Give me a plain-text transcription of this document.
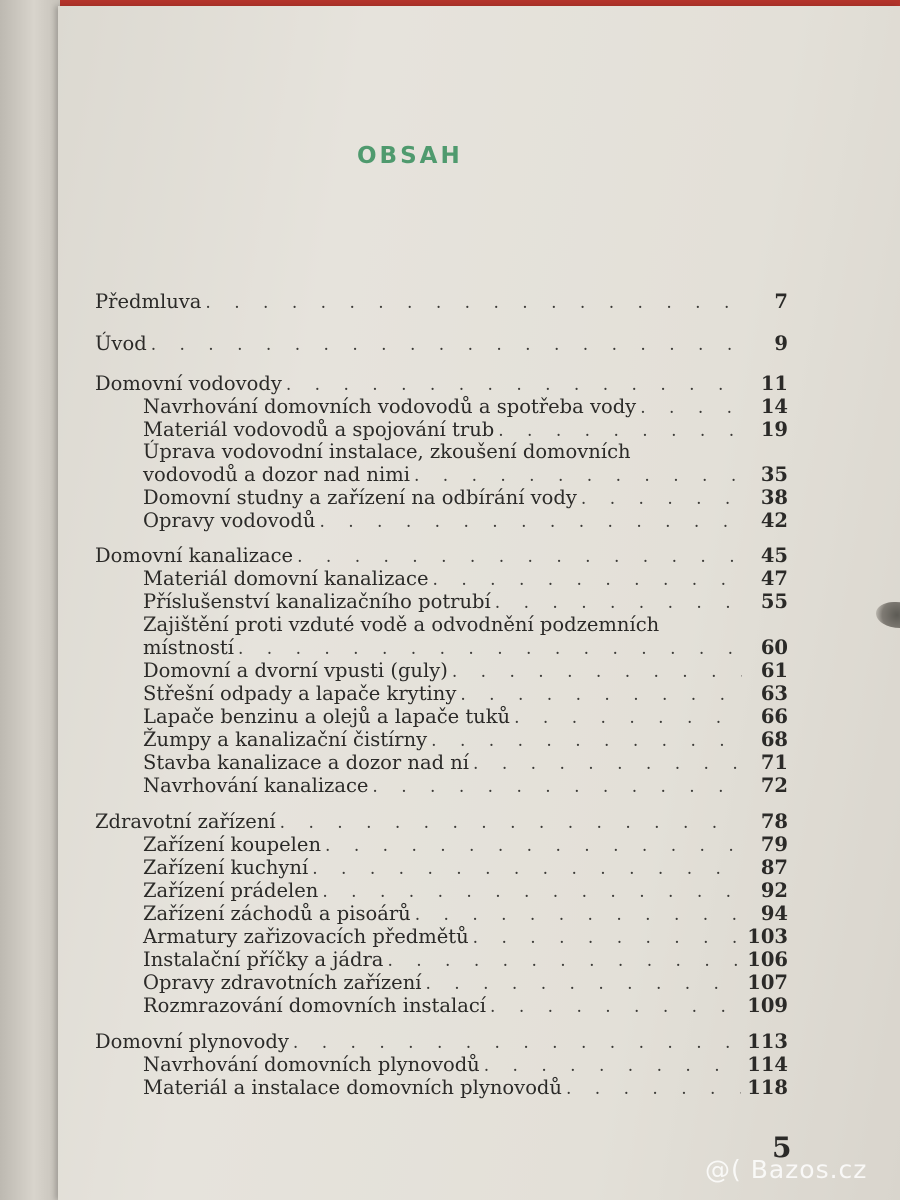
OBSAH
Předmluva . . .	7
Úvod . . .	9
Domovní vodovody . . .	11
Navrhování domovních vodovodů a spotřeba vody . . .	14
Materiál vodovodů a spojování trub . . .	19
Úprava vodovodní instalace, zkoušení domovních
vodovodů a dozor nad nimi . . .	35
Domovní studny a zařízení na odbírání vody . . .	38
Opravy vodovodů . . .	42
Domovní kanalizace . . .	45
Materiál domovní kanalizace . . .	47
Příslušenství kanalizačního potrubí . . .	55
Zajištění proti vzduté vodě a odvodnění podzemních
místností . . .	60
Domovní a dvorní vpusti (guly) . . .	61
Střešní odpady a lapače krytiny . . .	63
Lapače benzinu a olejů a lapače tuků . . .	66
Žumpy a kanalizační čistírny . . .	68
Stavba kanalizace a dozor nad ní . . .	71
Navrhování kanalizace . . .	72
Zdravotní zařízení . . .	78
Zařízení koupelen . . .	79
Zařízení kuchyní . . .	87
Zařízení prádelen . . .	92
Zařízení záchodů a pisoárů . . .	94
Armatury zařizovacích předmětů . . .	103
Instalační příčky a jádra . . .	106
Opravy zdravotních zařízení . . .	107
Rozmrazování domovních instalací . . .	109
Domovní plynovody . . .	113
Navrhování domovních plynovodů . . .	114
Materiál a instalace domovních plynovodů . . .	118
5
@( Bazos.cz
